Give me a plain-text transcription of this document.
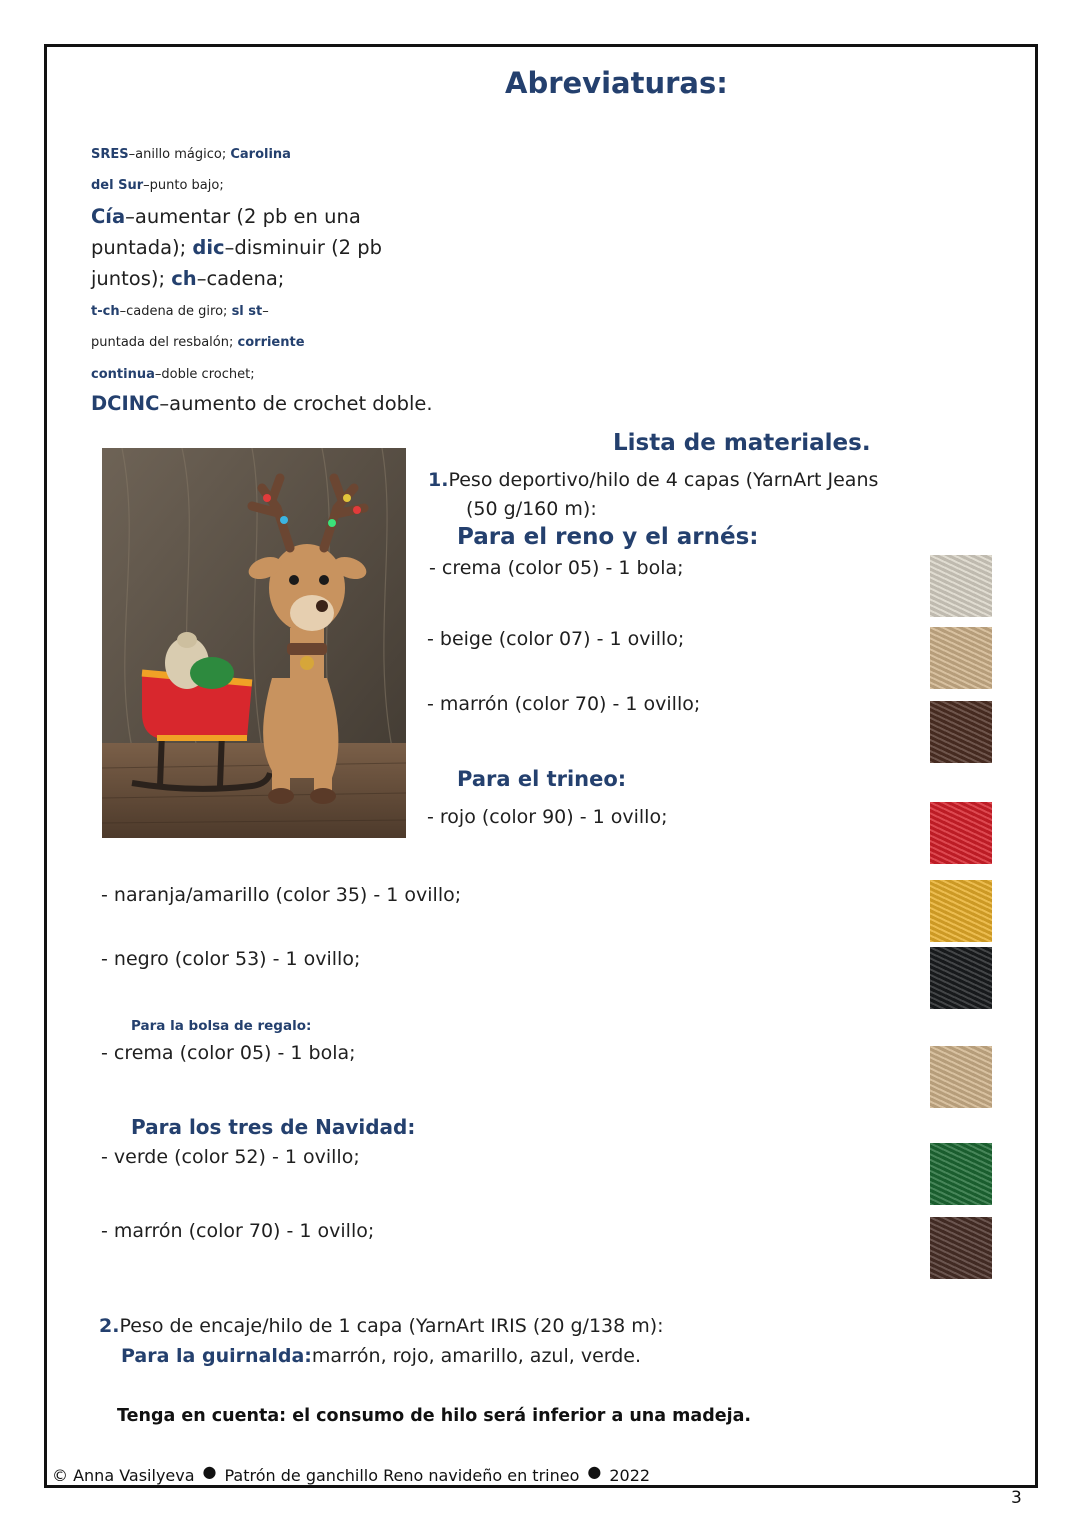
Abreviaturas:
SRES–anillo mágico; Carolina
del Sur–punto bajo;
Cía–aumentar (2 pb en una
puntada); dic–disminuir (2 pb
juntos); ch–cadena;
t-ch–cadena de giro; sl st–
puntada del resbalón; corriente
continua–doble crochet;
DCINC–aumento de crochet doble.
Lista de materiales.
1.Peso deportivo/hilo de 4 capas (YarnArt Jeans
(50 g/160 m):
Para el reno y el arnés:
- crema (color 05) - 1 bola;
- beige (color 07) - 1 ovillo;
- marrón (color 70) - 1 ovillo;
Para el trineo:
- rojo (color 90) - 1 ovillo;
- naranja/amarillo (color 35) - 1 ovillo;
- negro (color 53) - 1 ovillo;
Para la bolsa de regalo:
- crema (color 05) - 1 bola;
Para los tres de Navidad:
- verde (color 52) - 1 ovillo;
- marrón (color 70) - 1 ovillo;
2.Peso de encaje/hilo de 1 capa (YarnArt IRIS (20 g/138 m):
Para la guirnalda:marrón, rojo, amarillo, azul, verde.
Tenga en cuenta: el consumo de hilo será inferior a una madeja.
© Anna Vasilyeva ● Patrón de ganchillo Reno navideño en trineo ● 2022
3
